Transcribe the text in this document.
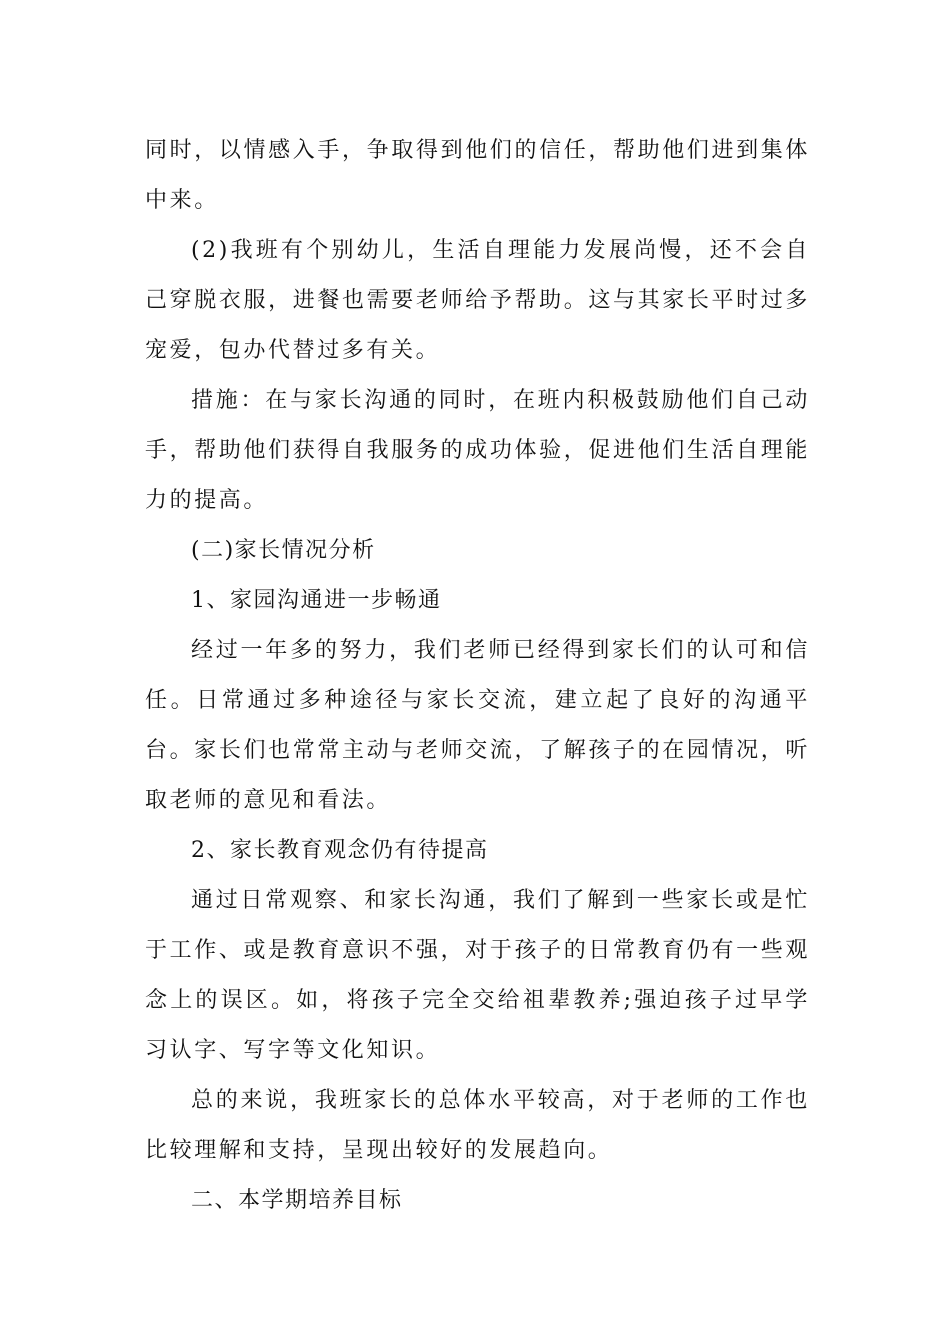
同时，以情感入手，争取得到他们的信任，帮助他们进到集体中来。

(2)我班有个别幼儿，生活自理能力发展尚慢，还不会自己穿脱衣服，进餐也需要老师给予帮助。这与其家长平时过多宠爱，包办代替过多有关。

措施：在与家长沟通的同时，在班内积极鼓励他们自己动手，帮助他们获得自我服务的成功体验，促进他们生活自理能力的提高。

(二)家长情况分析

1、家园沟通进一步畅通

经过一年多的努力，我们老师已经得到家长们的认可和信任。日常通过多种途径与家长交流，建立起了良好的沟通平台。家长们也常常主动与老师交流，了解孩子的在园情况，听取老师的意见和看法。

2、家长教育观念仍有待提高

通过日常观察、和家长沟通，我们了解到一些家长或是忙于工作、或是教育意识不强，对于孩子的日常教育仍有一些观念上的误区。如，将孩子完全交给祖辈教养;强迫孩子过早学习认字、写字等文化知识。

总的来说，我班家长的总体水平较高，对于老师的工作也比较理解和支持，呈现出较好的发展趋向。

二、本学期培养目标
